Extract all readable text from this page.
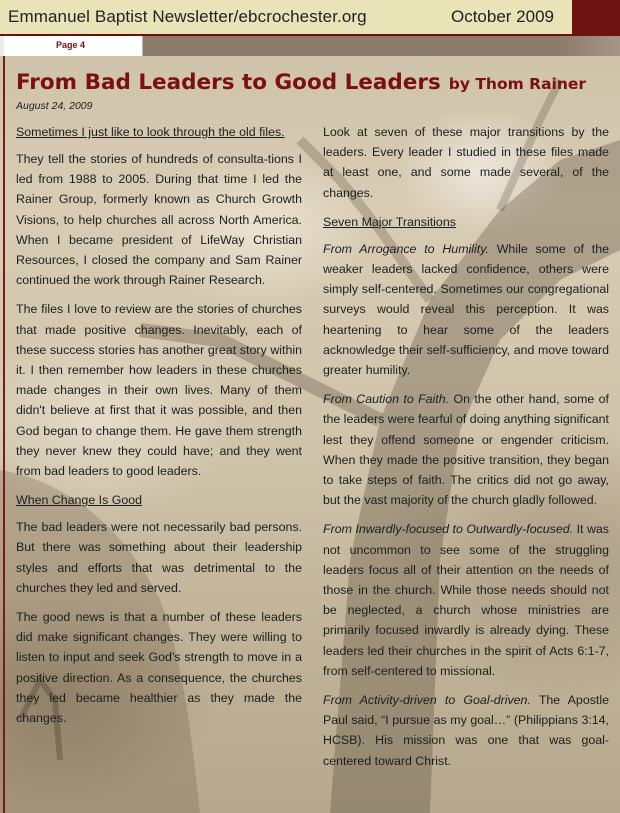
Emmanuel Baptist Newsletter/ebcrochester.org	October 2009
Page 4
From Bad Leaders to Good Leaders by Thom Rainer
August 24, 2009
Sometimes I just like to look through the old files.

They tell the stories of hundreds of consulta-tions I led from 1988 to 2005. During that time I led the Rainer Group, formerly known as Church Growth Visions, to help churches all across North America. When I became president of LifeWay Christian Resources, I closed the company and Sam Rainer continued the work through Rainer Research.

The files I love to review are the stories of churches that made positive changes. Inevitably, each of these success stories has another great story within it. I then remember how leaders in these churches made changes in their own lives. Many of them didn't believe at first that it was possible, and then God began to change them. He gave them strength they never knew they could have; and they went from bad leaders to good leaders.

When Change Is Good

The bad leaders were not necessarily bad persons. But there was something about their leadership styles and efforts that was detrimental to the churches they led and served.

The good news is that a number of these leaders did make significant changes. They were willing to listen to input and seek God's strength to move in a positive direction. As a consequence, the churches they led became healthier as they made the changes.

Look at seven of these major transitions by the leaders. Every leader I studied in these files made at least one, and some made several, of the changes.

Seven Major Transitions

From Arrogance to Humility. While some of the weaker leaders lacked confidence, others were simply self-centered. Sometimes our congregational surveys would reveal this perception. It was heartening to hear some of the leaders acknowledge their self-sufficiency, and move toward greater humility.

From Caution to Faith. On the other hand, some of the leaders were fearful of doing anything significant lest they offend someone or engender criticism. When they made the positive transition, they began to take steps of faith. The critics did not go away, but the vast majority of the church gladly followed.

From Inwardly-focused to Outwardly-focused. It was not uncommon to see some of the struggling leaders focus all of their attention on the needs of those in the church. While those needs should not be neglected, a church whose ministries are primarily focused inwardly is already dying. These leaders led their churches in the spirit of Acts 6:1-7, from self-centered to missional.

From Activity-driven to Goal-driven. The Apostle Paul said, “I pursue as my goal…” (Philippians 3:14, HCSB). His mission was one that was goal-centered toward Christ.
